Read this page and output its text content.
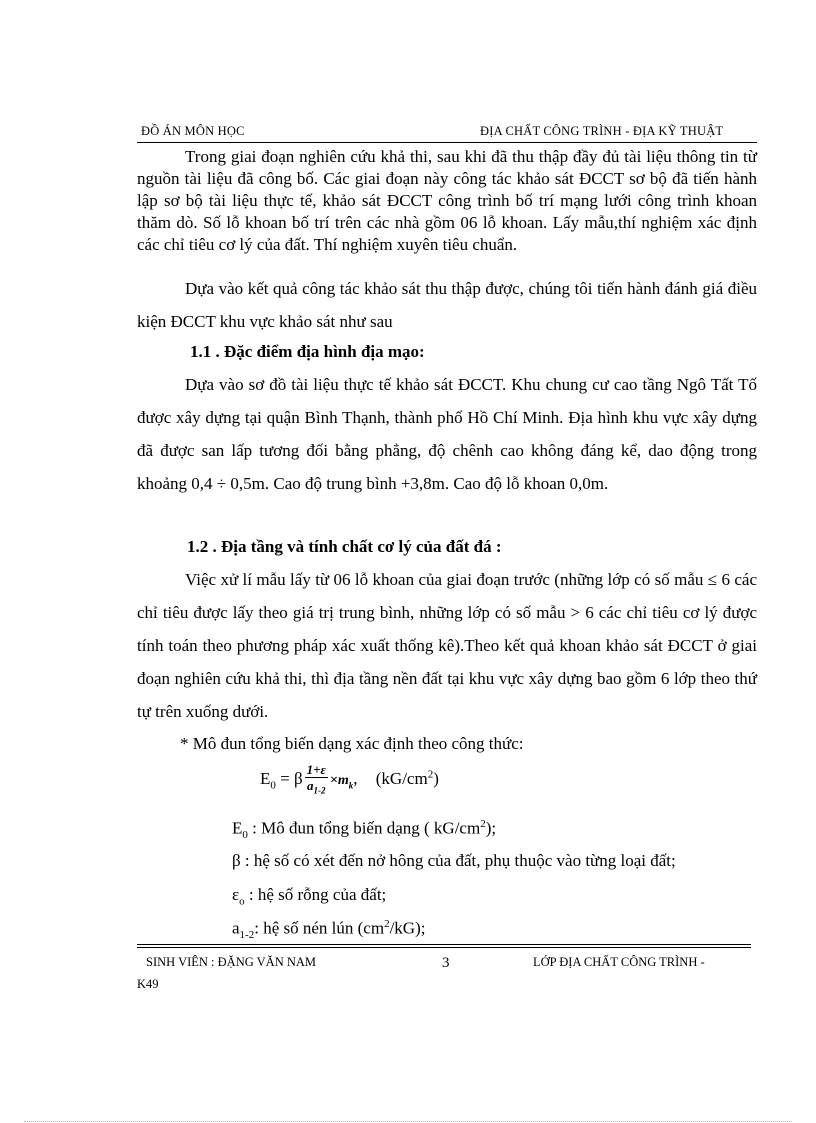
ĐỒ ÁN MÔN HỌC	ĐỊA CHẤT CÔNG TRÌNH - ĐỊA KỸ THUẬT
Trong giai đoạn nghiên cứu khả thi, sau khi đã thu thập đầy đủ tài liệu thông tin từ nguồn tài liệu đã công bố. Các giai đoạn này công tác khảo sát ĐCCT sơ bộ đã tiến hành lập sơ bộ tài liệu thực tế, khảo sát ĐCCT công trình bố trí mạng lưới công trình khoan thăm dò. Số lỗ khoan bố trí trên các nhà gồm 06 lỗ khoan. Lấy mẫu,thí nghiệm xác định các chỉ tiêu cơ lý của đất. Thí nghiệm xuyên tiêu chuẩn.
Dựa vào kết quả công tác khảo sát thu thập được, chúng tôi tiến hành đánh giá điều kiện ĐCCT khu vực khảo sát như sau
1.1 . Đặc điểm địa hình địa mạo:
Dựa vào sơ đồ tài liệu thực tế khảo sát ĐCCT. Khu chung cư cao tầng Ngô Tất Tố được xây dựng tại quận Bình Thạnh, thành phố Hồ Chí Minh. Địa hình khu vực xây dựng đã được san lấp tương đối bằng phẳng, độ chênh cao không đáng kể, dao động trong khoảng 0,4 ÷ 0,5m. Cao độ trung bình +3,8m. Cao độ lỗ khoan 0,0m.
1.2 . Địa tầng và tính chất cơ lý của đất đá :
Việc xử lí mẫu lấy từ 06 lỗ khoan của giai đoạn trước (những lớp có số mẫu ≤ 6 các chỉ tiêu được lấy theo giá trị trung bình, những lớp có số mẫu > 6 các chỉ tiêu cơ lý được tính toán theo phương pháp xác xuất thống kê).Theo kết quả khoan khảo sát ĐCCT ở giai đoạn nghiên cứu khả thi, thì địa tầng nền đất tại khu vực xây dựng bao gồm 6 lớp theo thứ tự trên xuống dưới.
* Mô đun tổng biến dạng xác định theo công thức:
$E_0 = \beta \frac{1+\varepsilon}{a_{1-2}} \times m_k$, $(kG/cm^2)$
$E_0$ : Mô đun tổng biến dạng ( $kG/cm^2$);
β : hệ số có xét đến nở hông của đất, phụ thuộc vào từng loại đất;
$\varepsilon_o$ : hệ số rỗng của đất;
$a_{1-2}$: hệ số nén lún $(cm^2/kG)$;
SINH VIÊN : ĐẶNG VĂN NAM	3	LỚP ĐỊA CHẤT CÔNG TRÌNH -
K49
